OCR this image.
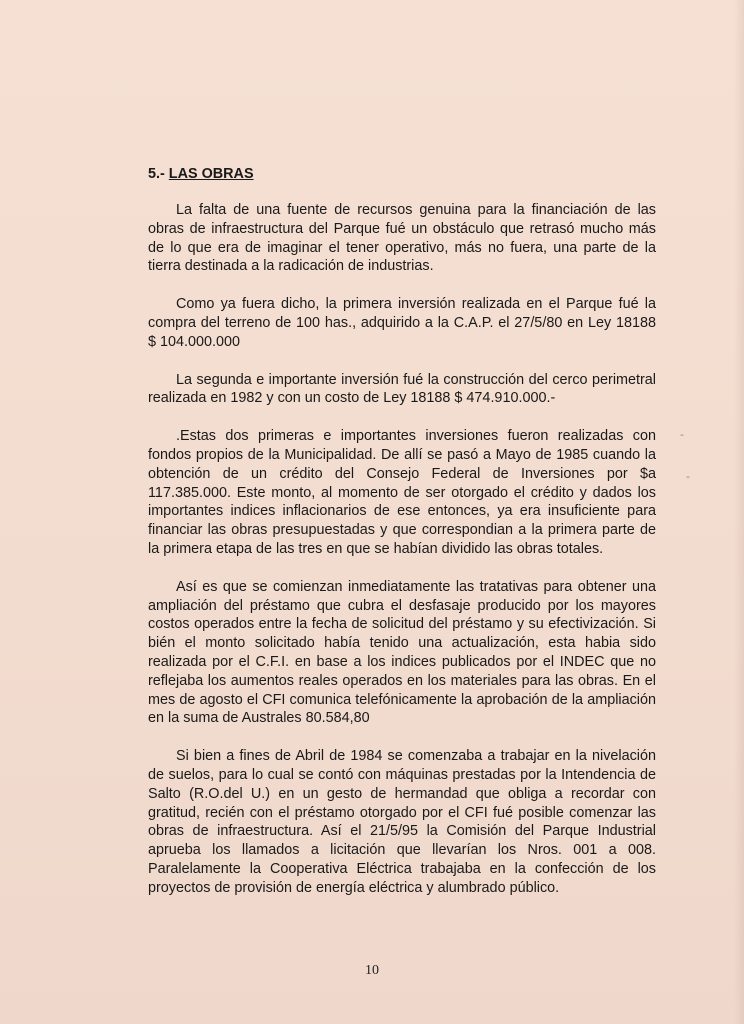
5.- LAS OBRAS

La falta de una fuente de recursos genuina para la financiación de las obras de infraestructura del Parque fué un obstáculo que retrasó mucho más de lo que era de imaginar el tener operativo, más no fuera, una parte de la tierra destinada a la radicación de industrias.

Como ya fuera dicho, la primera inversión realizada en el Parque fué la compra del terreno de 100 has., adquirido a la C.A.P. el 27/5/80 en Ley 18188 $ 104.000.000

La segunda e importante inversión fué la construcción del cerco perimetral realizada en 1982 y con un costo de Ley 18188 $ 474.910.000.-

.Estas dos primeras e importantes inversiones fueron realizadas con fondos propios de la Municipalidad. De allí se pasó a Mayo de 1985 cuando la obtención de un crédito del Consejo Federal de Inversiones por $a 117.385.000. Este monto, al momento de ser otorgado el crédito y dados los importantes indices inflacionarios de ese entonces, ya era insuficiente para financiar las obras presupuestadas y que correspondian a la primera parte de la primera etapa de las tres en que se habían dividido las obras totales.

Así es que se comienzan inmediatamente las tratativas para obtener una ampliación del préstamo que cubra el desfasaje producido por los mayores costos operados entre la fecha de solicitud del préstamo y su efectivización. Si bién el monto solicitado había tenido una actualización, esta habia sido realizada por el C.F.I. en base a los indices publicados por el INDEC que no reflejaba los aumentos reales operados en los materiales para las obras. En el mes de agosto el CFI comunica telefónicamente la aprobación de la ampliación en la suma de Australes 80.584,80

Si bien a fines de Abril de 1984 se comenzaba a trabajar en la nivelación de suelos, para lo cual se contó con máquinas prestadas por la Intendencia de Salto (R.O.del U.) en un gesto de hermandad que obliga a recordar con gratitud, recién con el préstamo otorgado por el CFI fué posible comenzar las obras de infraestructura. Así el 21/5/95 la Comisión del Parque Industrial aprueba los llamados a licitación que llevarían los Nros. 001 a 008. Paralelamente la Cooperativa Eléctrica trabajaba en la confección de los proyectos de provisión de energía eléctrica y alumbrado público.

‐
‐
10
